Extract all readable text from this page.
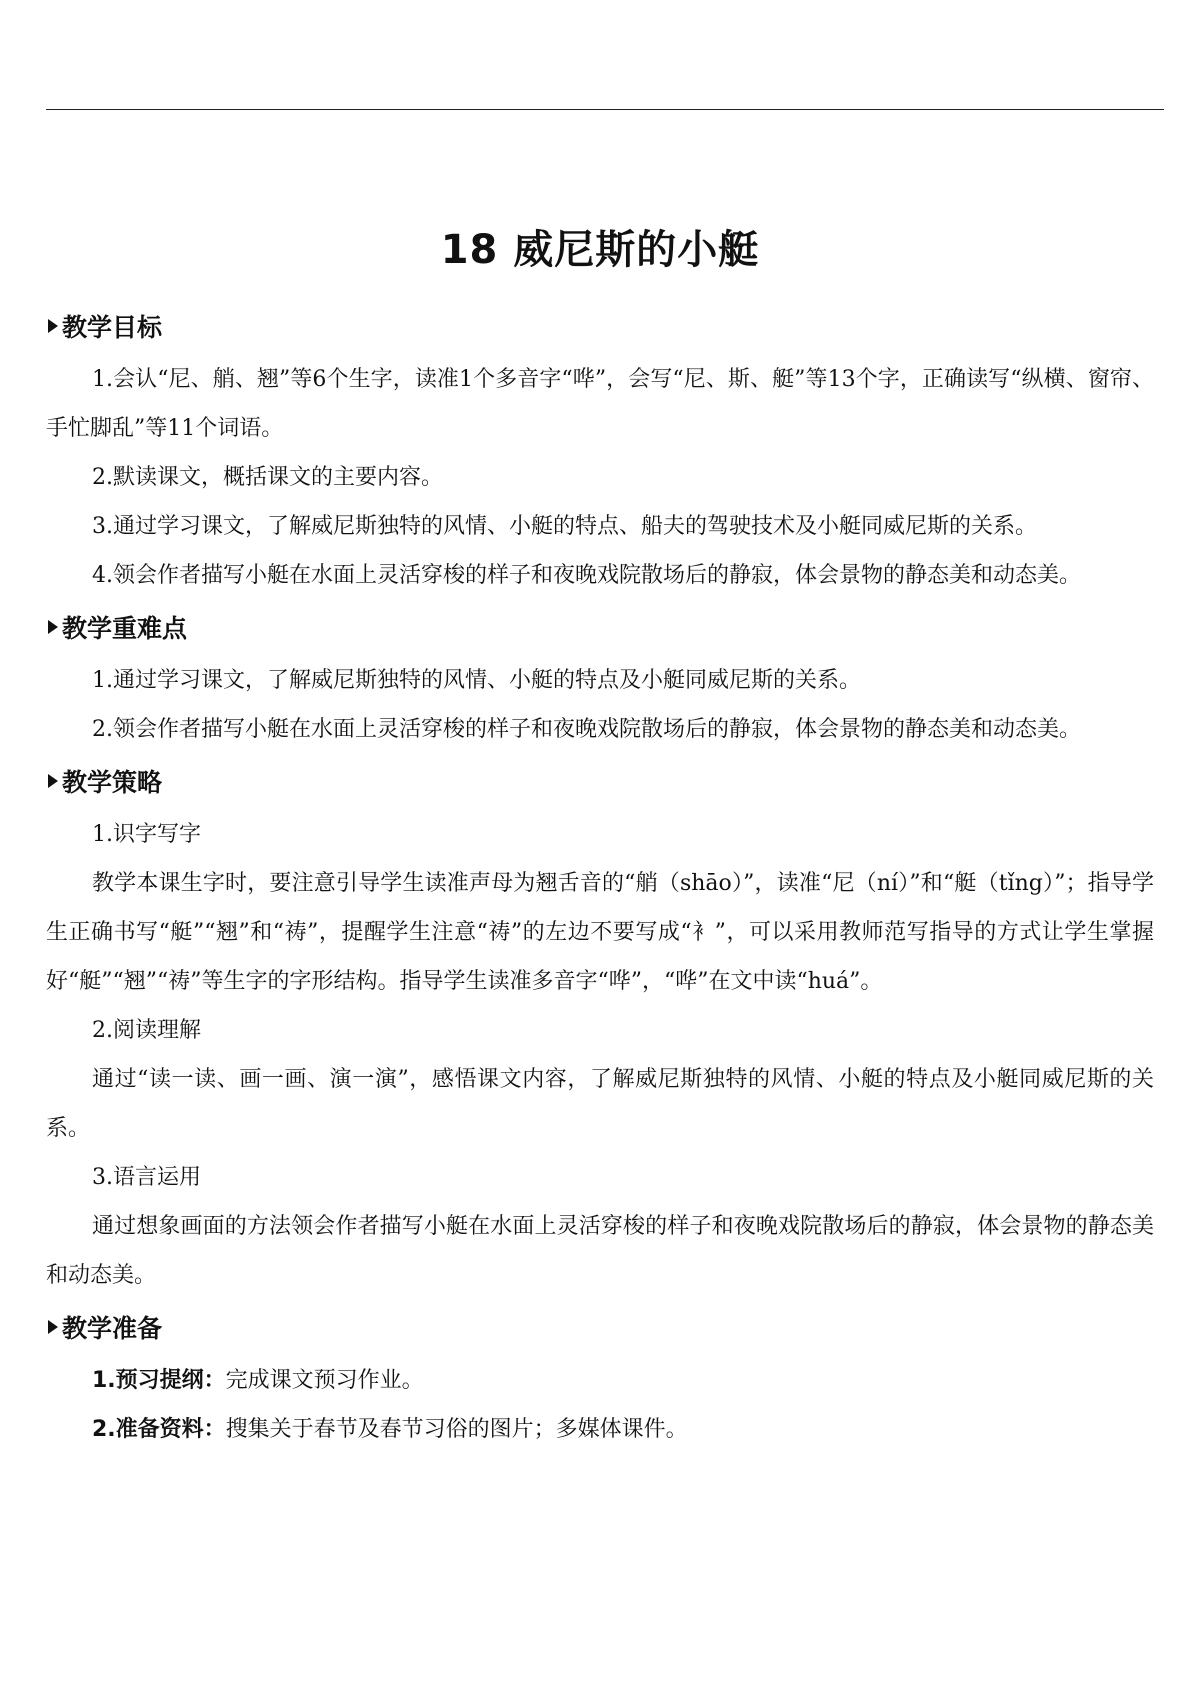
18 威尼斯的小艇
教学目标

1.会认“尼、艄、翘”等6个生字，读准1个多音字“哗”，会写“尼、斯、艇”等13个字，正确读写“纵横、窗帘、手忙脚乱”等11个词语。

2.默读课文，概括课文的主要内容。

3.通过学习课文，了解威尼斯独特的风情、小艇的特点、船夫的驾驶技术及小艇同威尼斯的关系。

4.领会作者描写小艇在水面上灵活穿梭的样子和夜晚戏院散场后的静寂，体会景物的静态美和动态美。

教学重难点

1.通过学习课文，了解威尼斯独特的风情、小艇的特点及小艇同威尼斯的关系。

2.领会作者描写小艇在水面上灵活穿梭的样子和夜晚戏院散场后的静寂，体会景物的静态美和动态美。

教学策略

1.识字写字

教学本课生字时，要注意引导学生读准声母为翘舌音的“艄（shāo）”，读准“尼（ní）”和“艇（tǐng）”；指导学生正确书写“艇”“翘”和“祷”，提醒学生注意“祷”的左边不要写成“衤”，可以采用教师范写指导的方式让学生掌握好“艇”“翘”“祷”等生字的字形结构。指导学生读准多音字“哗”，“哗”在文中读“huá”。

2.阅读理解

通过“读一读、画一画、演一演”，感悟课文内容，了解威尼斯独特的风情、小艇的特点及小艇同威尼斯的关系。

3.语言运用

通过想象画面的方法领会作者描写小艇在水面上灵活穿梭的样子和夜晚戏院散场后的静寂，体会景物的静态美和动态美。

教学准备

1.预习提纲：完成课文预习作业。

2.准备资料：搜集关于春节及春节习俗的图片；多媒体课件。
